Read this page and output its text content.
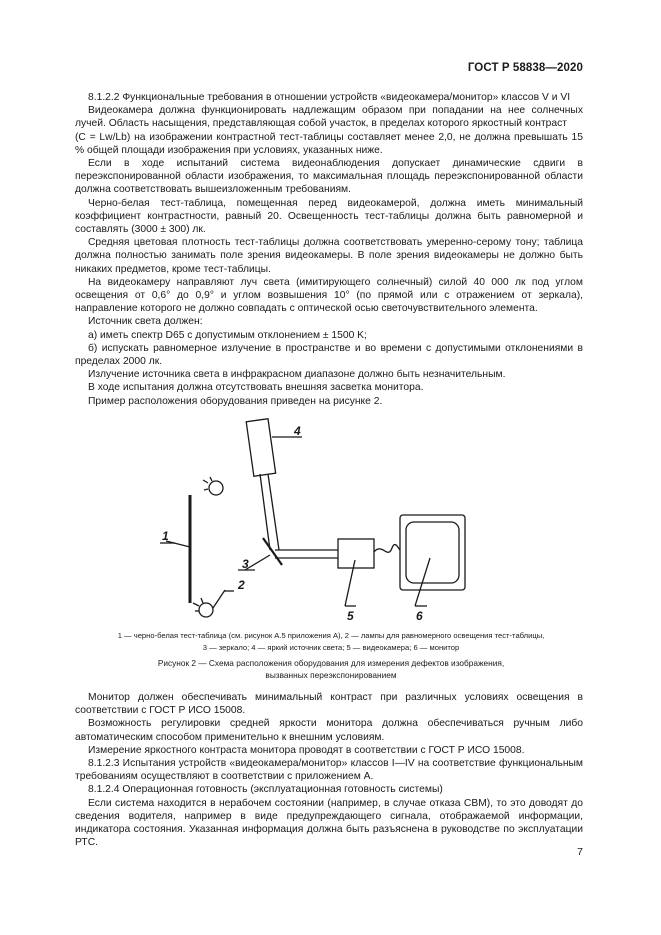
ГОСТ Р 58838—2020

8.1.2.2 Функциональные требования в отношении устройств «видеокамера/монитор» классов V и VI

Видеокамера должна функционировать надлежащим образом при попадании на нее солнечных лучей. Область насыщения, представляющая собой участок, в пределах которого яркостный контраст

(C = Lw/Lb) на изображении контрастной тест-таблицы составляет менее 2,0, не должна превышать 15 % общей площади изображения при условиях, указанных ниже.

Если в ходе испытаний система видеонаблюдения допускает динамические сдвиги в переэкспонированной области изображения, то максимальная площадь переэкспонированной области должна соответствовать вышеизложенным требованиям.

Черно-белая тест-таблица, помещенная перед видеокамерой, должна иметь минимальный коэффициент контрастности, равный 20. Освещенность тест-таблицы должна быть равномерной и составлять (3000 ± 300) лк.

Средняя цветовая плотность тест-таблицы должна соответствовать умеренно-серому тону; таблица должна полностью занимать поле зрения видеокамеры. В поле зрения видеокамеры не должно быть никаких предметов, кроме тест-таблицы.

На видеокамеру направляют луч света (имитирующего солнечный) силой 40 000 лк под углом освещения от 0,6° до 0,9° и углом возвышения 10° (по прямой или с отражением от зеркала), направление которого не должно совпадать с оптической осью светочувствительного элемента.

Источник света должен:

а) иметь спектр D65 с допустимым отклонением ± 1500 K;

б) испускать равномерное излучение в пространстве и во времени с допустимыми отклонениями в пределах 2000 лк.

Излучение источника света в инфракрасном диапазоне должно быть незначительным.

В ходе испытания должна отсутствовать внешняя засветка монитора.

Пример расположения оборудования приведен на рисунке 2.

1
2
3
4
5	6
1 — черно-белая тест-таблица (см. рисунок А.5 приложения А), 2 — лампы для равномерного освещения тест-таблицы,
3 — зеркало; 4 — яркий источник света; 5 — видеокамера; 6 — монитор
Рисунок 2 — Схема расположения оборудования для измерения дефектов изображения,
вызванных переэкспонированием

Монитор должен обеспечивать минимальный контраст при различных условиях освещения в соответствии с ГОСТ Р ИСО 15008.

Возможность регулировки средней яркости монитора должна обеспечиваться ручным либо автоматическим способом применительно к внешним условиям.

Измерение яркостного контраста монитора проводят в соответствии с ГОСТ Р ИСО 15008.

8.1.2.3 Испытания устройств «видеокамера/монитор» классов I—IV на соответствие функциональным требованиям осуществляют в соответствии с приложением А.

8.1.2.4 Операционная готовность (эксплуатационная готовность системы)

Если система находится в нерабочем состоянии (например, в случае отказа СВМ), то это доводят до сведения водителя, например в виде предупреждающего сигнала, отображаемой информации, индикатора состояния. Указанная информация должна быть разъяснена в руководстве по эксплуатации РТС.

7
